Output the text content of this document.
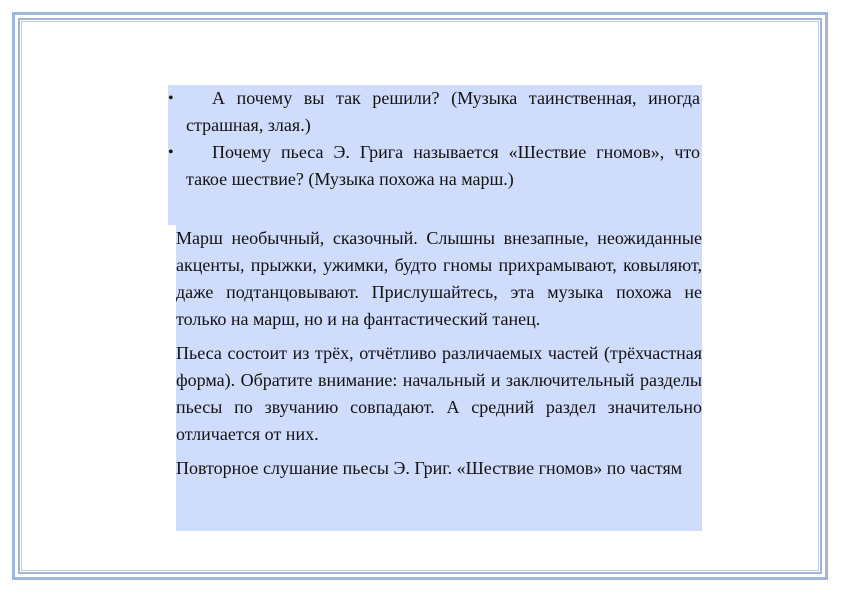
•	А почему вы так решили? (Музыка таинственная, иногда страшная, злая.)
•	Почему пьеса Э. Грига называется «Шествие гномов», что такое шествие? (Музыка похожа на марш.)

Марш необычный, сказочный. Слышны внезапные, неожиданные акценты, прыжки, ужимки, будто гномы прихрамывают, ковыляют, даже подтанцовывают. Прислушайтесь, эта музыка похожа не только на марш, но и на фантастический танец.

Пьеса состоит из трёх, отчётливо различаемых частей (трёхчастная форма). Обратите внимание: начальный и заключительный разделы пьесы по звучанию совпадают. А средний раздел значительно отличается от них.

Повторное слушание пьесы Э. Григ. «Шествие гномов» по частям
